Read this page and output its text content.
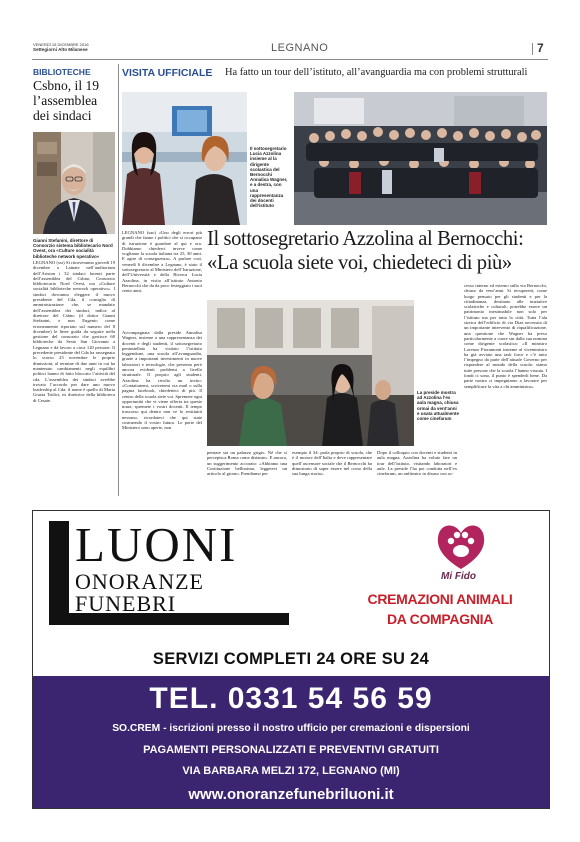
VENERDÌ 15 DICEMBRE 2016
Settegiorni Alto Milanese	LEGNANO	7
BIBLIOTECHE
Csbno, il 19 l’assemblea dei sindaci
Gianni Stefanini, direttore di Consorzio sistema bibliotecario Nord Ovest, ora «Culture socialità biblioteche network operativo»
LEGNANO (ssr) Si ritroveranno giovedì 19 dicembre a Lainate nell’auditorium dell’Ariston i 32 sindaci facenti parte dell’assemblea del Csbno, Consorzio bibliotecario Nord Ovest, ora «Culture socialità biblioteche network operativo». I sindaci dovranno eleggere il nuovo presidente del Cda, il consiglio di amministrazione che, se mandato dell’assemblea dei sindaci, indica al direttore del Csbno (il dottor Gianni Stefanini, e non Eugenio come erroneamente riportato sul numero del 8 dicembre) le linee guida da seguire nella gestione del consorzio che gestisce 60 biblioteche da Sesto San Giovanni a Legnano e dà lavoro a circa 120 persone. Il precedente presidente del Cda ha rassegnato lo scorso 25 novembre le proprie dimissioni, al termine di due anni in cui ha mantenuto cambiamenti negli equilibri politici hanno di fatto bloccato l’attività del cda. L’assemblea dei sindaci avrebbe trovato l’accordo per dare uno nuovo leadership al Cda: il nome è quello di Maria Grazia Tridici, ex direttrice della biblioteca di Cesate.
VISITA UFFICIALE Ha fatto un tour dell’istituto, all’avanguardia ma con problemi strutturali
Il sottosegretario Lucia Azzolina insieme al la dirigente scolastica del Bernocchi Annalisa Wagner, e a destra, con una rappresentanza dei docenti dell’istituto
Il sottosegretario Azzolina al Bernocchi:
«La scuola siete voi, chiedeteci di più»
LEGNANO (sao) «Uno degli errori più grandi che fanno i politici che si occupano di istruzione è guardare al qui e ora. Dobbiamo chiederci invece come vogliamo la scuola italiana tra 25, 30 anni. E agire di conseguenza». A parlare così, venerdì 6 dicembre a Legnano, è stato il sottosegretario al Ministero dell’Istruzione, dell’Università e della Ricerca Lucia Azzolina, in visita all’istituto Antonio Bernocchi che da da poco festeggiato i suoi cento anni.
Accompagnata dalla preside Annalisa Wagner, insieme a una rappresentanza dei docenti e degli studenti, il sottosegretario pentastellato ha visitato l’istituto leggendone, una scuola all’avanguardia, grazie a importanti investimenti in nuove laboratori e tecnologie, che presenta però ancora evidenti problemi a livello strutturale. Il proprio agli studenti, Azzolina ha rivolto un invito: «Contattatemi, scrivetemi via mail o sulla pagina facebook, chiedetteci di più. Il centro della scuola siete voi. Spremete ogni opportunità che vi viene offerta tra queste mura, spremete i vostri docenti. Il tempo trascorso qui dentro non ve lo restituirà nessuno, ricordatevi che qui state costruendo il vostro futuro. Le porte del Ministero sono aperte, non
La preside mostra ad Azzolina l’ex aula magna, chiusa ormai da vent’anni e usata attualmente come cinefarum
pensate sia un palazzo grigio. Né che si percepisca Roma come distante». E ancora, un suggerimento accorato: «Abbiamo una Costituzione bellissima, leggetevi un articolo al giorno. Prendiamo per
esempio il 34: parla proprio di scuola, che è il motore dell’Italia e deve rappresentare quell’ascensore sociale che il Bernocchi ha dimostrato di saper essere nel corso della sua lunga storia».
Dopo il colloquio con docenti e studenti in aula magna, Azzolina ha voluto fare un tour dell’istituto, visitando laboratori e aule. La preside l’ha poi condotta nell’ex cinefarum, un anfiteatro in disuso con ac-
cesso interno ed esterno sulla via Bernocchi, chiuso da vent’anni. Si recupererà, come luogo pensato per gli studenti e per la cittadinanza, destinato alle iniziative scolastiche e culturali, potrebbe essere un patrimonio inestimabile non solo per l’istituto ma per tutta la città. Tutta l’ala storica dell’edificio di via Diaz necessita di un importante intervento di riqualificazione, una questione che Wagner ha preso particolarmente a cuore sin dalla sua nomina come dirigente scolastica: «Il ministro Lorenzo Fioramonti insieme al viceministro ha già avviato una task force e c’è tutto l’impegno da parte dell’attuale Governo per rispondere al mondo della scuola: siamo tutte persone che la scuola l’hanno vissuta. I fondi ci sono, il punto è spenderli bene. Da parte nostra ci impegniamo a lavorare per semplificare la vita a chi amministra».
LUONI
ONORANZE
FUNEBRI
Mi Fido
CREMAZIONI ANIMALI
DA COMPAGNIA
SERVIZI COMPLETI 24 ORE SU 24
TEL. 0331 54 56 59
SO.CREM - iscrizioni presso il nostro ufficio per cremazioni e dispersioni
PAGAMENTI PERSONALIZZATI E PREVENTIVI GRATUITI
VIA BARBARA MELZI 172, LEGNANO (MI)
www.onoranzefunebriluoni.it
